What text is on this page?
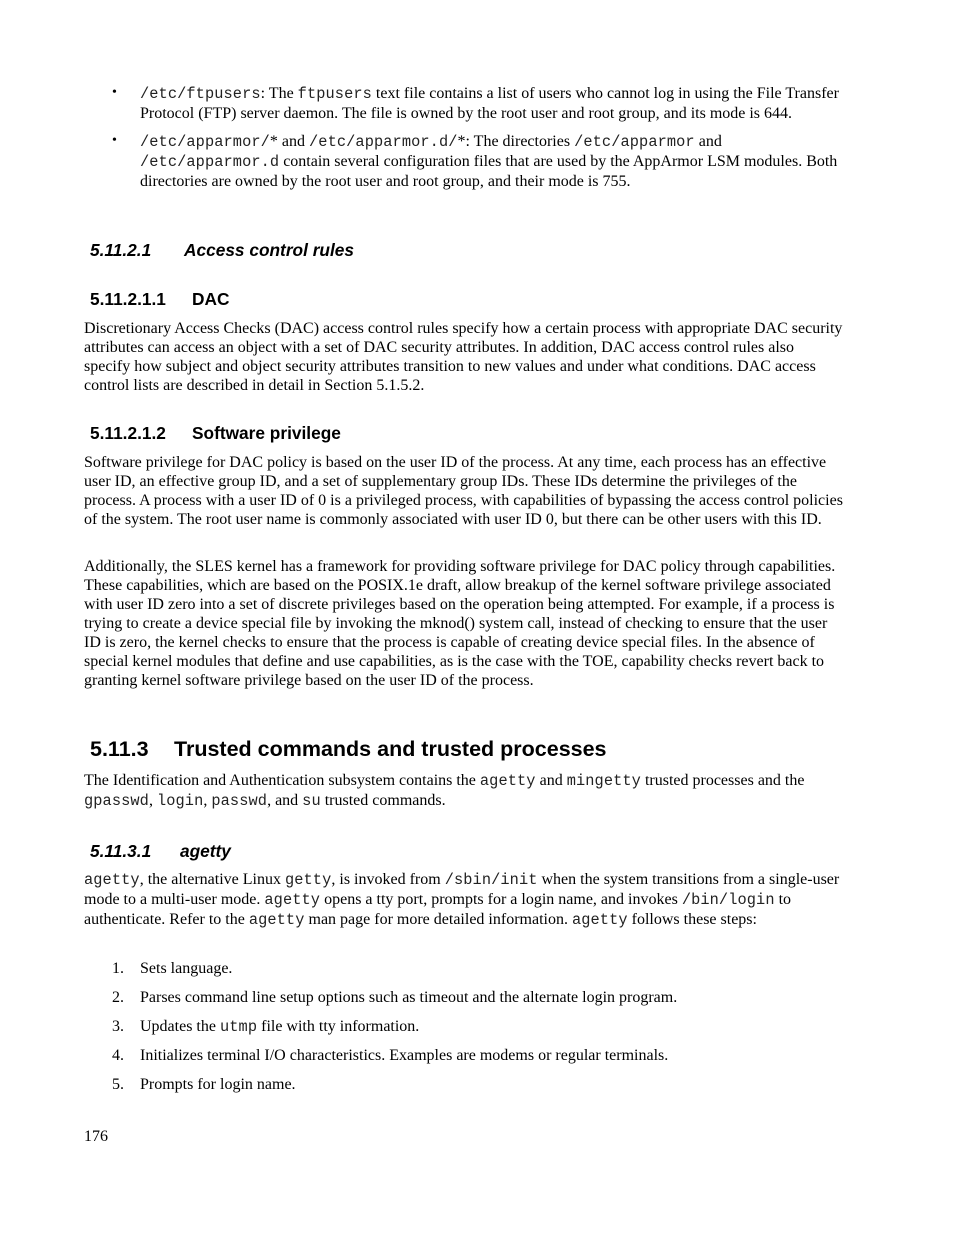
• /etc/ftpusers: The ftpusers text file contains a list of users who cannot log in using the File Transfer Protocol (FTP) server daemon. The file is owned by the root user and root group, and its mode is 644.

• /etc/apparmor/* and /etc/apparmor.d/*: The directories /etc/apparmor and /etc/apparmor.d contain several configuration files that are used by the AppArmor LSM modules. Both directories are owned by the root user and root group, and their mode is 755.

5.11.2.1 Access control rules
5.11.2.1.1 DAC

Discretionary Access Checks (DAC) access control rules specify how a certain process with appropriate DAC security attributes can access an object with a set of DAC security attributes. In addition, DAC access control rules also specify how subject and object security attributes transition to new values and under what conditions. DAC access control lists are described in detail in Section 5.1.5.2.

5.11.2.1.2 Software privilege

Software privilege for DAC policy is based on the user ID of the process. At any time, each process has an effective user ID, an effective group ID, and a set of supplementary group IDs. These IDs determine the privileges of the process. A process with a user ID of 0 is a privileged process, with capabilities of bypassing the access control policies of the system. The root user name is commonly associated with user ID 0, but there can be other users with this ID.

Additionally, the SLES kernel has a framework for providing software privilege for DAC policy through capabilities. These capabilities, which are based on the POSIX.1e draft, allow breakup of the kernel software privilege associated with user ID zero into a set of discrete privileges based on the operation being attempted. For example, if a process is trying to create a device special file by invoking the mknod() system call, instead of checking to ensure that the user ID is zero, the kernel checks to ensure that the process is capable of creating device special files. In the absence of special kernel modules that define and use capabilities, as is the case with the TOE, capability checks revert back to granting kernel software privilege based on the user ID of the process.

5.11.3 Trusted commands and trusted processes

The Identification and Authentication subsystem contains the agetty and mingetty trusted processes and the gpasswd, login, passwd, and su trusted commands.

5.11.3.1 agetty

agetty, the alternative Linux getty, is invoked from /sbin/init when the system transitions from a single-user mode to a multi-user mode. agetty opens a tty port, prompts for a login name, and invokes /bin/login to authenticate. Refer to the agetty man page for more detailed information. agetty follows these steps:

1. Sets language.
2. Parses command line setup options such as timeout and the alternate login program.
3. Updates the utmp file with tty information.
4. Initializes terminal I/O characteristics. Examples are modems or regular terminals.
5. Prompts for login name.
176
